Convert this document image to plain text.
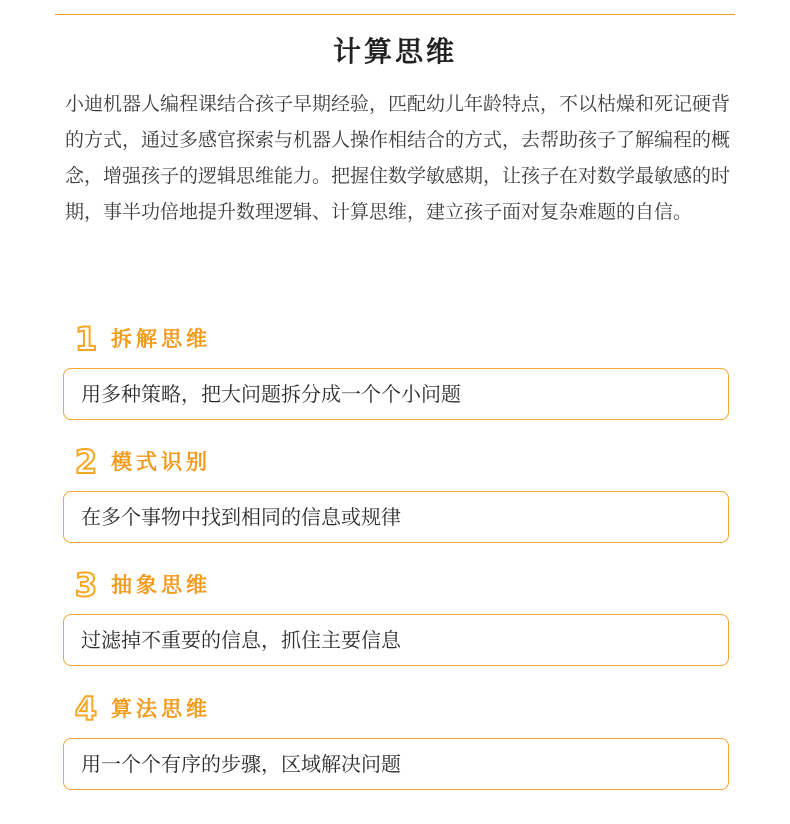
计算思维

小迪机器人编程课结合孩子早期经验，匹配幼儿年龄特点，不以枯燥和死记硬背的方式，通过多感官探索与机器人操作相结合的方式，去帮助孩子了解编程的概念，增强孩子的逻辑思维能力。把握住数学敏感期，让孩子在对数学最敏感的时期，事半功倍地提升数理逻辑、计算思维，建立孩子面对复杂难题的自信。

1 拆解思维
用多种策略，把大问题拆分成一个个小问题
2 模式识别
在多个事物中找到相同的信息或规律
3 抽象思维
过滤掉不重要的信息，抓住主要信息
4 算法思维
用一个个有序的步骤，区域解决问题
